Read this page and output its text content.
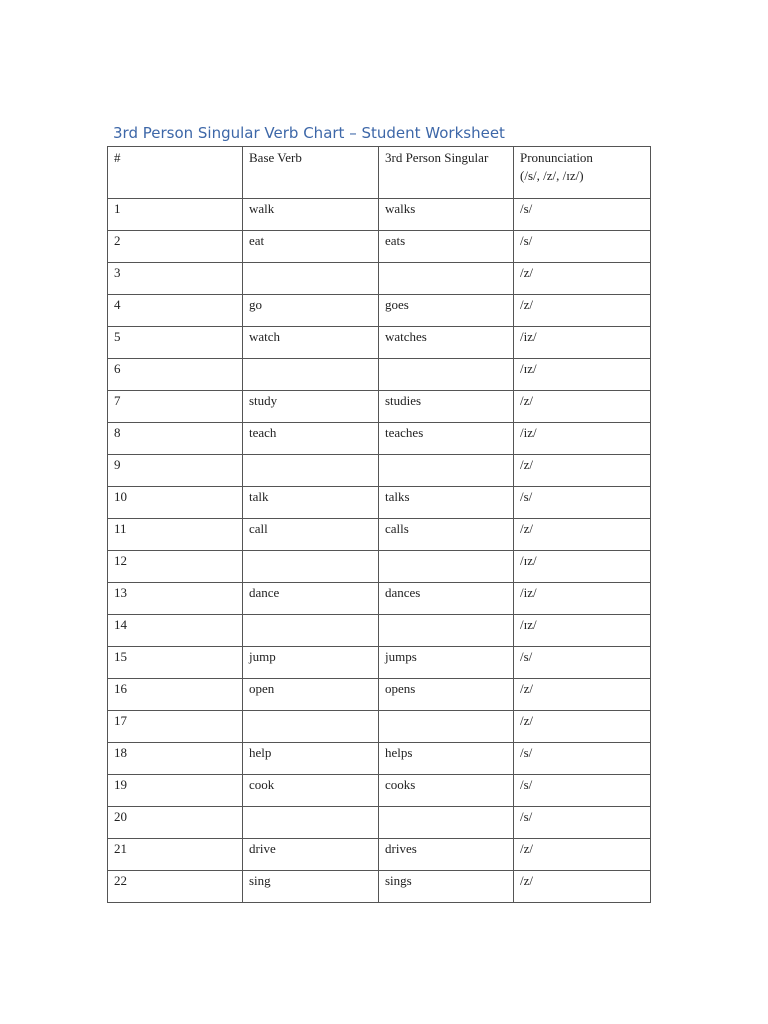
3rd Person Singular Verb Chart – Student Worksheet
#	Base Verb	3rd Person Singular	Pronunciation
(/s/, /z/, /ɪz/)

1	walk	walks	/s/
2	eat	eats	/s/
3			/z/
4	go	goes	/z/
5	watch	watches	/iz/
6			/ɪz/
7	study	studies	/z/
8	teach	teaches	/iz/
9			/z/
10	talk	talks	/s/
11	call	calls	/z/
12			/ɪz/
13	dance	dances	/iz/
14			/ɪz/
15	jump	jumps	/s/
16	open	opens	/z/
17			/z/
18	help	helps	/s/
19	cook	cooks	/s/
20			/s/
21	drive	drives	/z/
22	sing	sings	/z/
